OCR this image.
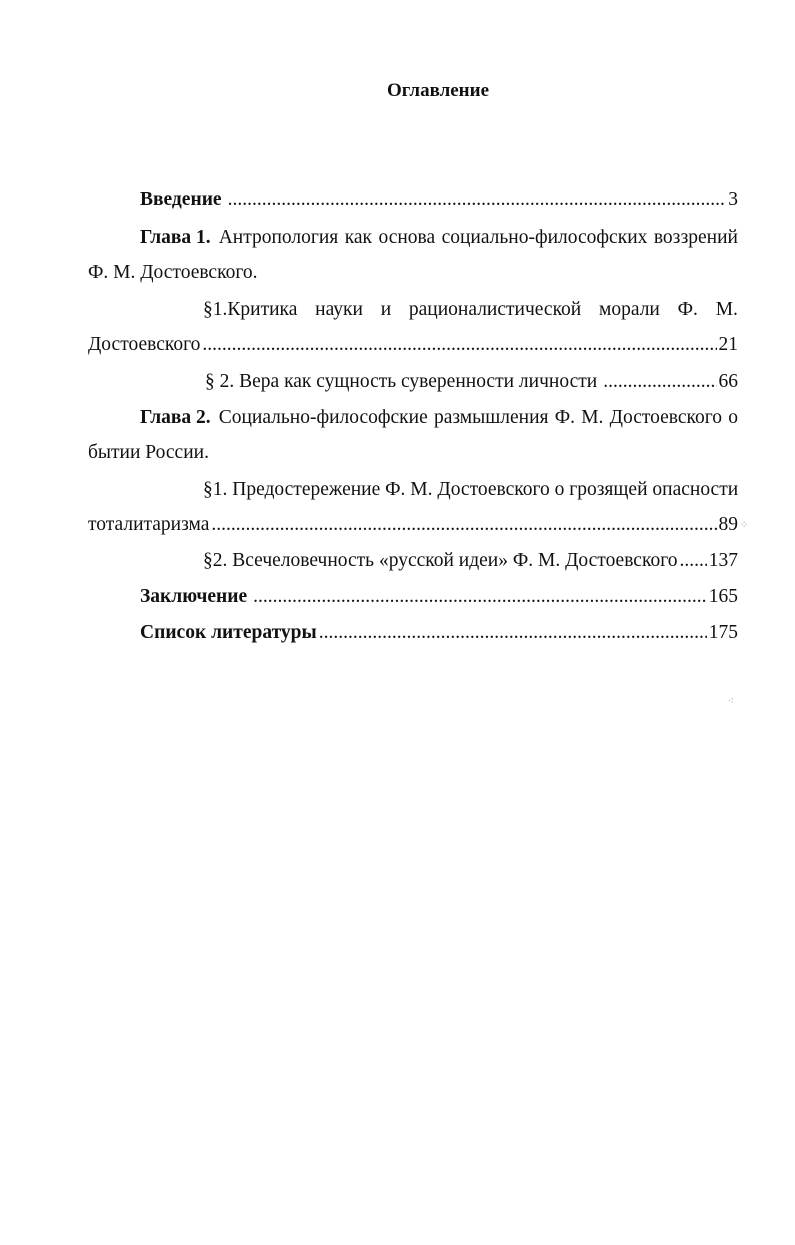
Оглавление
Введение .....	3
Глава 1. Антропология как основа социально-философских воззрений
Ф. М. Достоевского.
§1.Критика науки и рационалистической морали Ф. М.
Достоевского .....	21
§ 2. Вера как сущность суверенности личности .....	66
Глава 2. Социально-философские размышления Ф. М. Достоевского о
бытии России.
§1. Предостережение Ф. М. Достоевского о грозящей опасности
тоталитаризма .....	89 ⁘
§2. Всечеловечность «русской идеи» Ф. М. Достоевского ..... 137
Заключение .....	165
Список литературы .....	175
⁖
